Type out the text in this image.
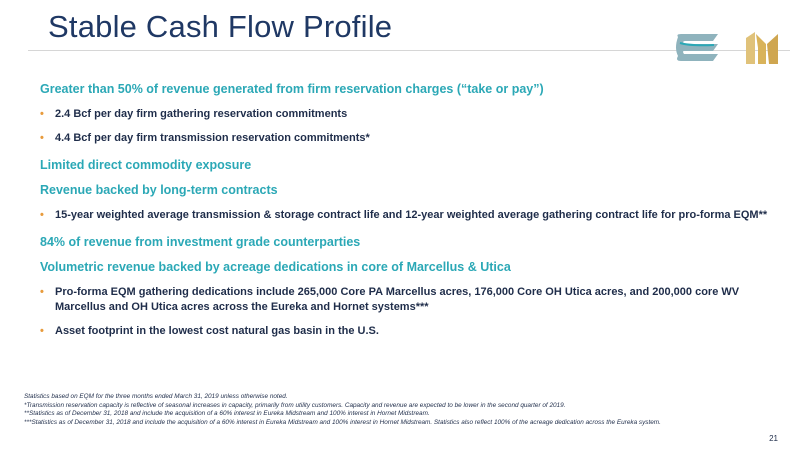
Stable Cash Flow Profile
Greater than 50% of revenue generated from firm reservation charges (“take or pay”)
• 2.4 Bcf per day firm gathering reservation commitments
• 4.4 Bcf per day firm transmission reservation commitments*
Limited direct commodity exposure
Revenue backed by long-term contracts
• 15-year weighted average transmission & storage contract life and 12-year weighted average gathering contract life for pro-forma EQM**
84% of revenue from investment grade counterparties
Volumetric revenue backed by acreage dedications in core of Marcellus & Utica
• Pro-forma EQM gathering dedications include 265,000 Core PA Marcellus acres, 176,000 Core OH Utica acres, and 200,000 core WV Marcellus and OH Utica acres across the Eureka and Hornet systems***
• Asset footprint in the lowest cost natural gas basin in the U.S.
Statistics based on EQM for the three months ended March 31, 2019 unless otherwise noted.
*Transmission reservation capacity is reflective of seasonal increases in capacity, primarily from utility customers. Capacity and revenue are expected to be lower in the second quarter of 2019.
**Statistics as of December 31, 2018 and include the acquisition of a 60% interest in Eureka Midstream and 100% interest in Hornet Midstream.
***Statistics as of December 31, 2018 and include the acquisition of a 60% interest in Eureka Midstream and 100% interest in Hornet Midstream. Statistics also reflect 100% of the acreage dedication across the Eureka system.
21
